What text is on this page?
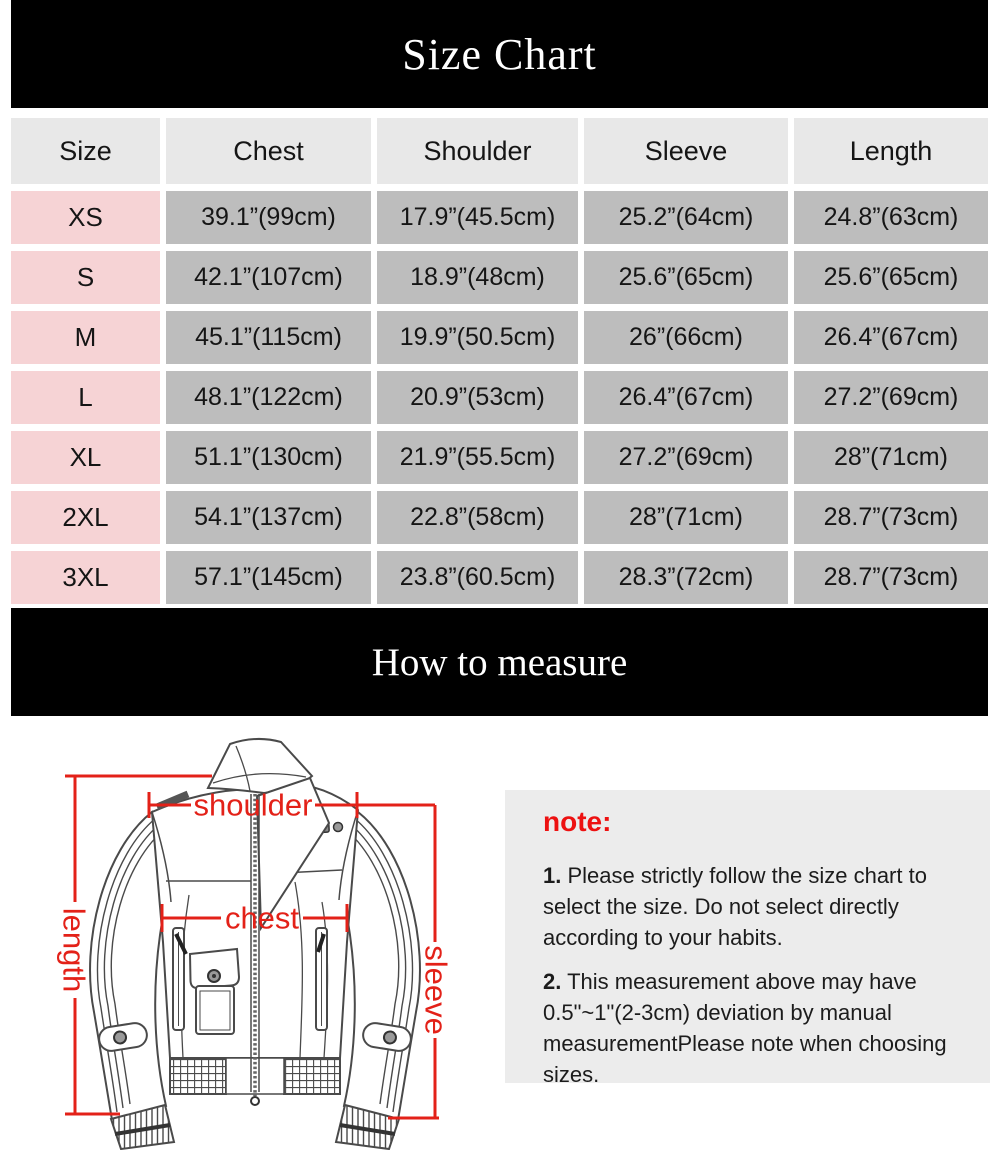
Size Chart
Size	Chest	Shoulder	Sleeve	Length
XS	39.1”(99cm)	17.9”(45.5cm)	25.2”(64cm)	24.8”(63cm)
S	42.1”(107cm)	18.9”(48cm)	25.6”(65cm)	25.6”(65cm)
M	45.1”(115cm)	19.9”(50.5cm)	26”(66cm)	26.4”(67cm)
L	48.1”(122cm)	20.9”(53cm)	26.4”(67cm)	27.2”(69cm)
XL	51.1”(130cm)	21.9”(55.5cm)	27.2”(69cm)	28”(71cm)
2XL	54.1”(137cm)	22.8”(58cm)	28”(71cm)	28.7”(73cm)
3XL	57.1”(145cm)	23.8”(60.5cm)	28.3”(72cm)	28.7”(73cm)
How to measure
shoulder
chest
length	sleeve
note:

1. Please strictly follow the size chart to select the size. Do not select directly according to your habits.

2. This measurement above may have 0.5"~1"(2-3cm) deviation by manual measurementPlease note when choosing sizes.
